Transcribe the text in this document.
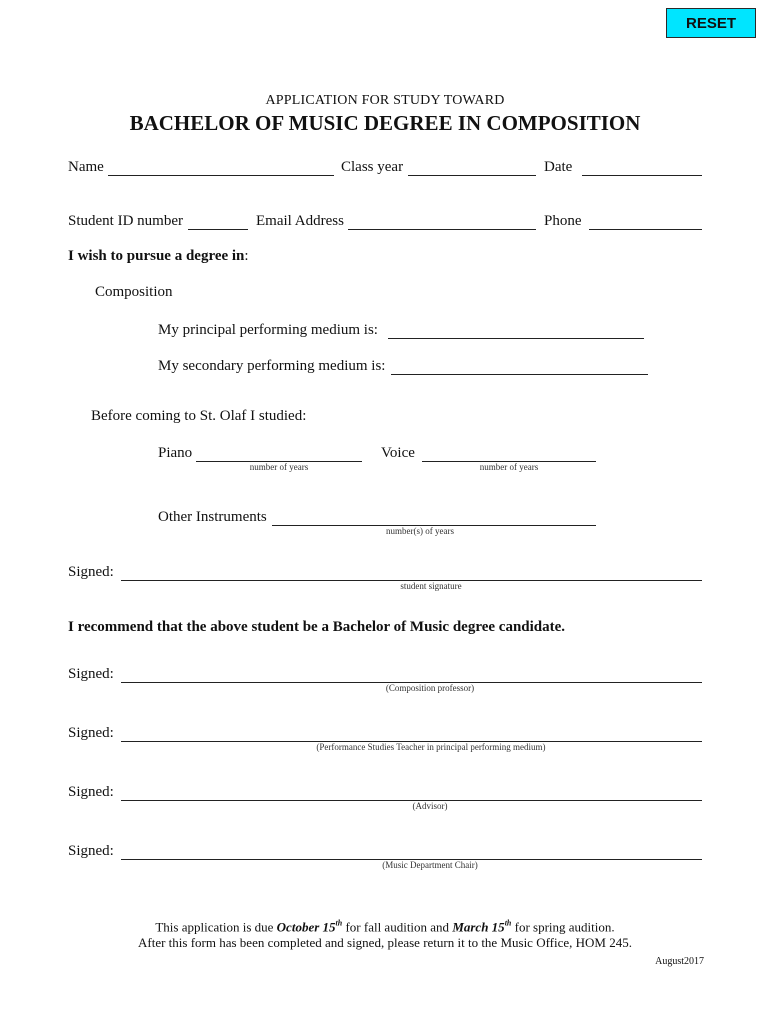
RESET
APPLICATION FOR STUDY TOWARD
BACHELOR OF MUSIC DEGREE IN COMPOSITION
Name	Class year	Date
Student ID number	Email Address	Phone
I wish to pursue a degree in:
Composition
My principal performing medium is:
My secondary performing medium is:
Before coming to St. Olaf I studied:
Piano
number of years
Voice
number of years
Other Instruments
number(s) of years
Signed:
student signature
I recommend that the above student be a Bachelor of Music degree candidate.
Signed:
(Composition professor)
Signed:
(Performance Studies Teacher in principal performing medium)
Signed:
(Advisor)
Signed:
(Music Department Chair)
This application is due October 15th for fall audition and March 15th for spring audition.
After this form has been completed and signed, please return it to the Music Office, HOM 245.
August2017
